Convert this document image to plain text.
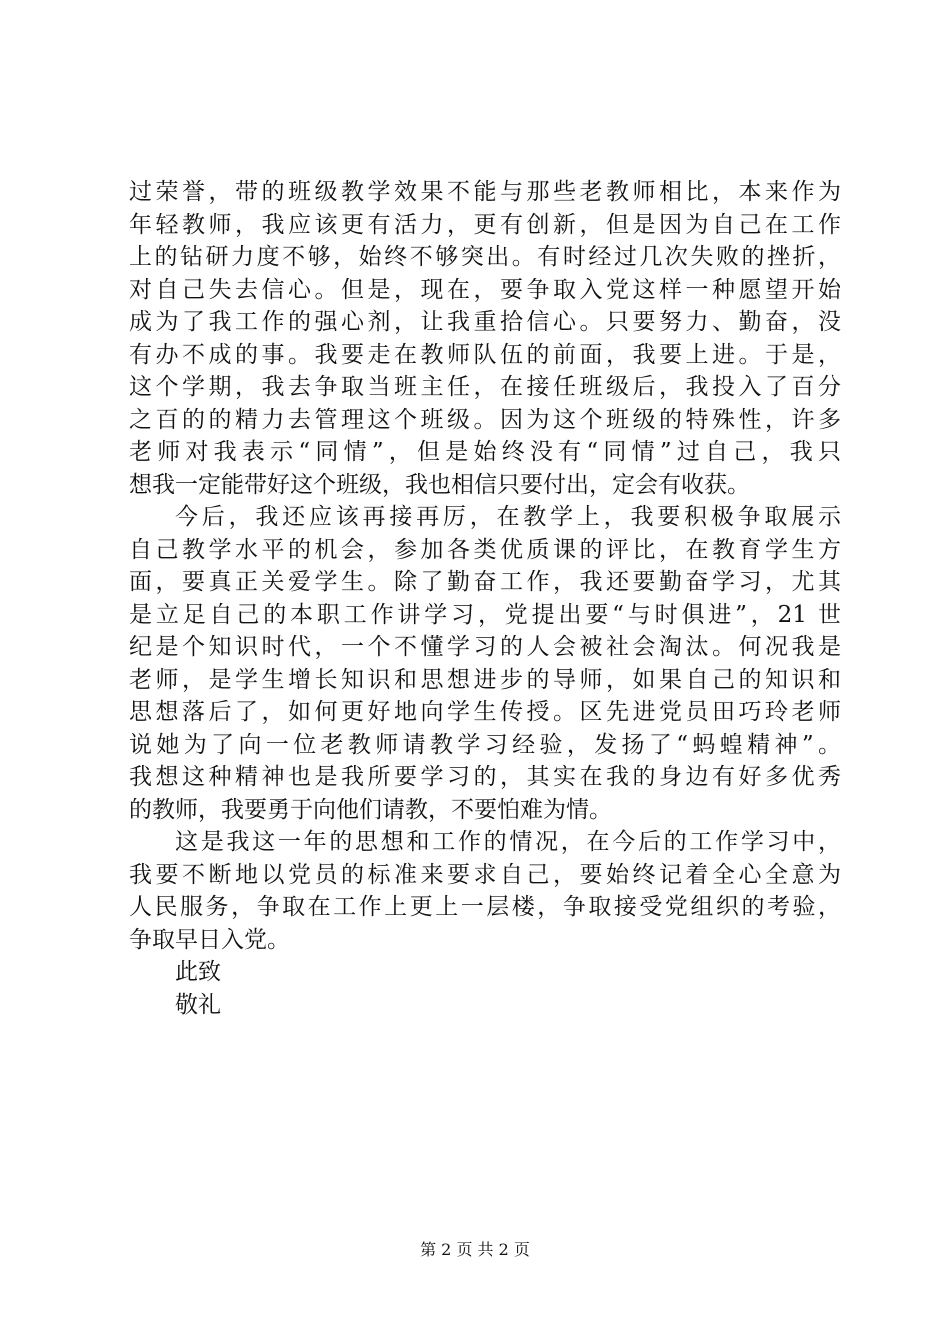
过荣誉，带的班级教学效果不能与那些老教师相比，本来作为
年轻教师，我应该更有活力，更有创新，但是因为自己在工作
上的钻研力度不够，始终不够突出。有时经过几次失败的挫折，
对自己失去信心。但是，现在，要争取入党这样一种愿望开始
成为了我工作的强心剂，让我重拾信心。只要努力、勤奋，没
有办不成的事。我要走在教师队伍的前面，我要上进。于是，
这个学期，我去争取当班主任，在接任班级后，我投入了百分
之百的的精力去管理这个班级。因为这个班级的特殊性，许多
老师对我表示“同情”，但是始终没有“同情”过自己，我只
想我一定能带好这个班级，我也相信只要付出，定会有收获。
今后，我还应该再接再厉，在教学上，我要积极争取展示
自己教学水平的机会，参加各类优质课的评比，在教育学生方
面，要真正关爱学生。除了勤奋工作，我还要勤奋学习，尤其
是立足自己的本职工作讲学习，党提出要“与时俱进”，21 世
纪是个知识时代，一个不懂学习的人会被社会淘汰。何况我是
老师，是学生增长知识和思想进步的导师，如果自己的知识和
思想落后了，如何更好地向学生传授。区先进党员田巧玲老师
说她为了向一位老教师请教学习经验，发扬了“蚂蝗精神”。
我想这种精神也是我所要学习的，其实在我的身边有好多优秀
的教师，我要勇于向他们请教，不要怕难为情。
这是我这一年的思想和工作的情况，在今后的工作学习中，
我要不断地以党员的标准来要求自己，要始终记着全心全意为
人民服务，争取在工作上更上一层楼，争取接受党组织的考验，
争取早日入党。
此致
敬礼
第 2 页 共 2 页
